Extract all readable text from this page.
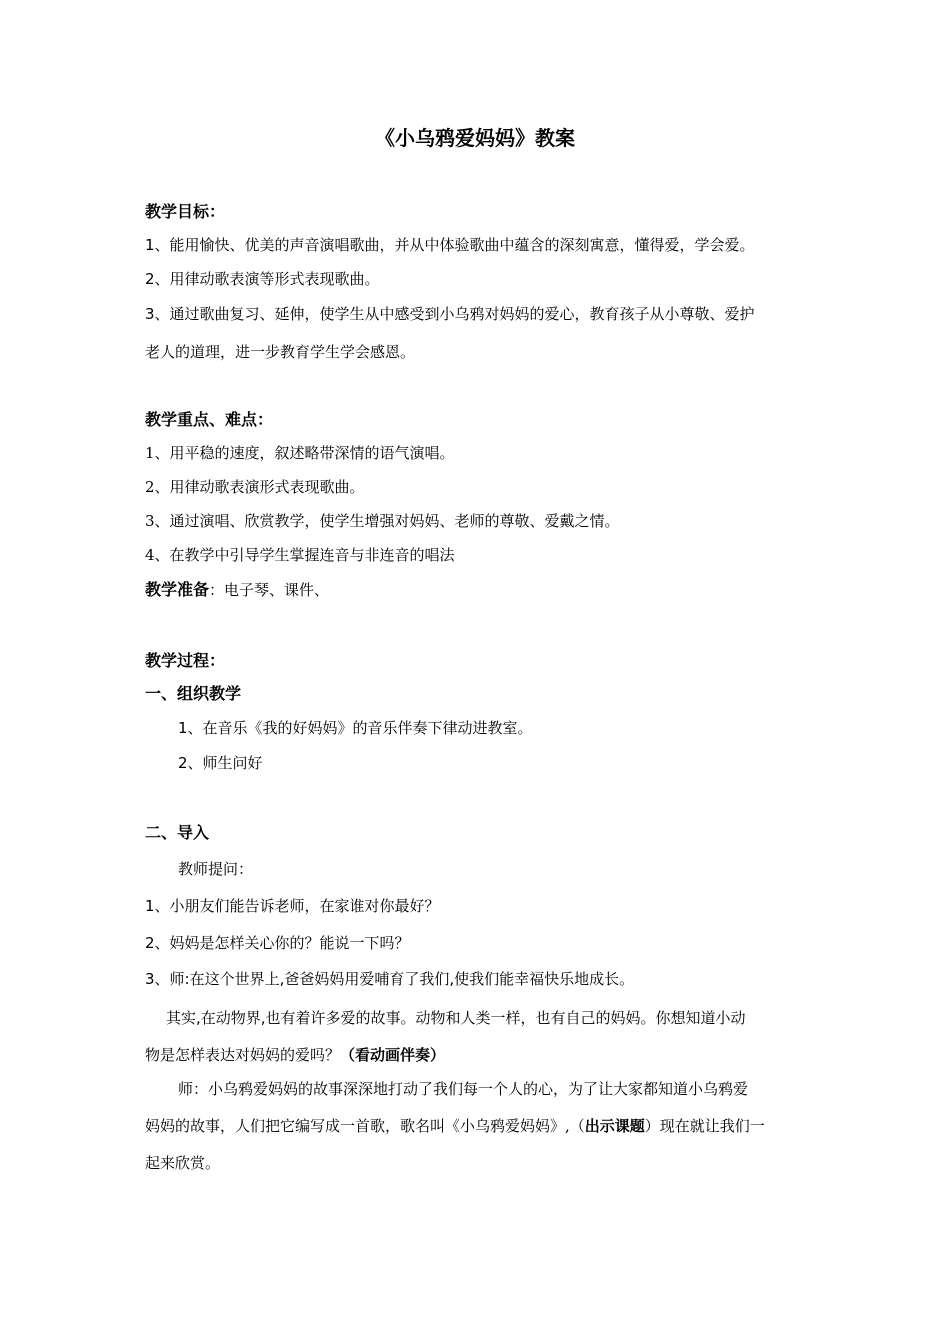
《小乌鸦爱妈妈》教案
教学目标：
1、能用愉快、优美的声音演唱歌曲，并从中体验歌曲中蕴含的深刻寓意，懂得爱，学会爱。
2、用律动歌表演等形式表现歌曲。
3、通过歌曲复习、延伸，使学生从中感受到小乌鸦对妈妈的爱心，教育孩子从小尊敬、爱护
老人的道理，进一步教育学生学会感恩。
教学重点、难点：
1、用平稳的速度，叙述略带深情的语气演唱。
2、用律动歌表演形式表现歌曲。
3、通过演唱、欣赏教学，使学生增强对妈妈、老师的尊敬、爱戴之情。
4、在教学中引导学生掌握连音与非连音的唱法
教学准备：电子琴、课件、
教学过程：
一、组织教学
1、在音乐《我的好妈妈》的音乐伴奏下律动进教室。
2、师生问好
二、导入
教师提问：
1、小朋友们能告诉老师，在家谁对你最好？
2、妈妈是怎样关心你的？能说一下吗？
3、师:在这个世界上,爸爸妈妈用爱哺育了我们,使我们能幸福快乐地成长。
其实,在动物界,也有着许多爱的故事。动物和人类一样，也有自己的妈妈。你想知道小动
物是怎样表达对妈妈的爱吗？（看动画伴奏）
师：小乌鸦爱妈妈的故事深深地打动了我们每一个人的心，为了让大家都知道小乌鸦爱
妈妈的故事，人们把它编写成一首歌，歌名叫《小乌鸦爱妈妈》,（出示课题）现在就让我们一
起来欣赏。
